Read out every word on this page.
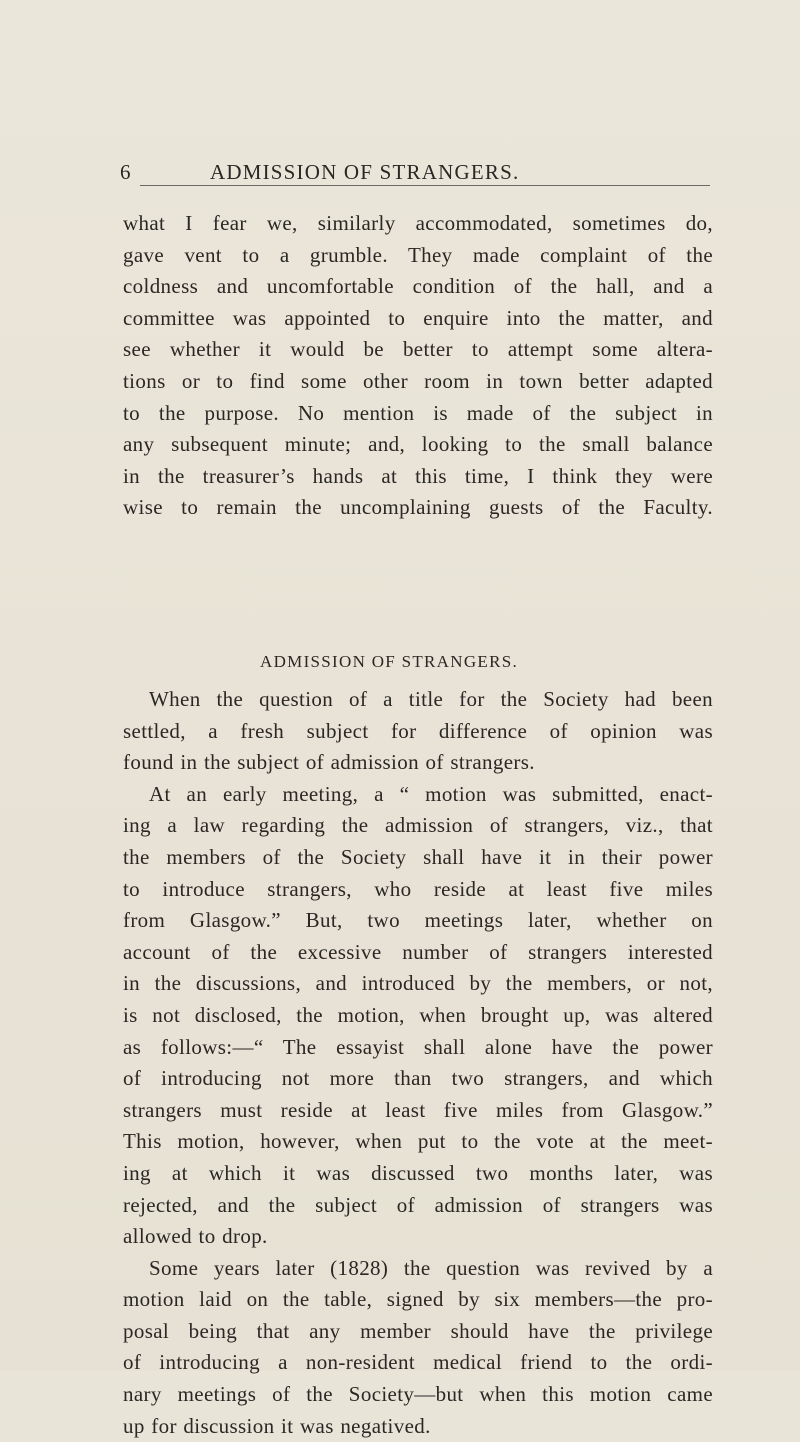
6	ADMISSION OF STRANGERS.
what I fear we, similarly accommodated, sometimes do,
gave vent to a grumble. They made complaint of the
coldness and uncomfortable condition of the hall, and a
committee was appointed to enquire into the matter, and
see whether it would be better to attempt some altera-
tions or to find some other room in town better adapted
to the purpose. No mention is made of the subject in
any subsequent minute; and, looking to the small balance
in the treasurer’s hands at this time, I think they were
wise to remain the uncomplaining guests of the Faculty.
ADMISSION OF STRANGERS.
When the question of a title for the Society had been
settled, a fresh subject for difference of opinion was
found in the subject of admission of strangers.
At an early meeting, a “ motion was submitted, enact-
ing a law regarding the admission of strangers, viz., that
the members of the Society shall have it in their power
to introduce strangers, who reside at least five miles
from Glasgow.” But, two meetings later, whether on
account of the excessive number of strangers interested
in the discussions, and introduced by the members, or not,
is not disclosed, the motion, when brought up, was altered
as follows:—“ The essayist shall alone have the power
of introducing not more than two strangers, and which
strangers must reside at least five miles from Glasgow.”
This motion, however, when put to the vote at the meet-
ing at which it was discussed two months later, was
rejected, and the subject of admission of strangers was
allowed to drop.
Some years later (1828) the question was revived by a
motion laid on the table, signed by six members—the pro-
posal being that any member should have the privilege
of introducing a non-resident medical friend to the ordi-
nary meetings of the Society—but when this motion came
up for discussion it was negatived.
